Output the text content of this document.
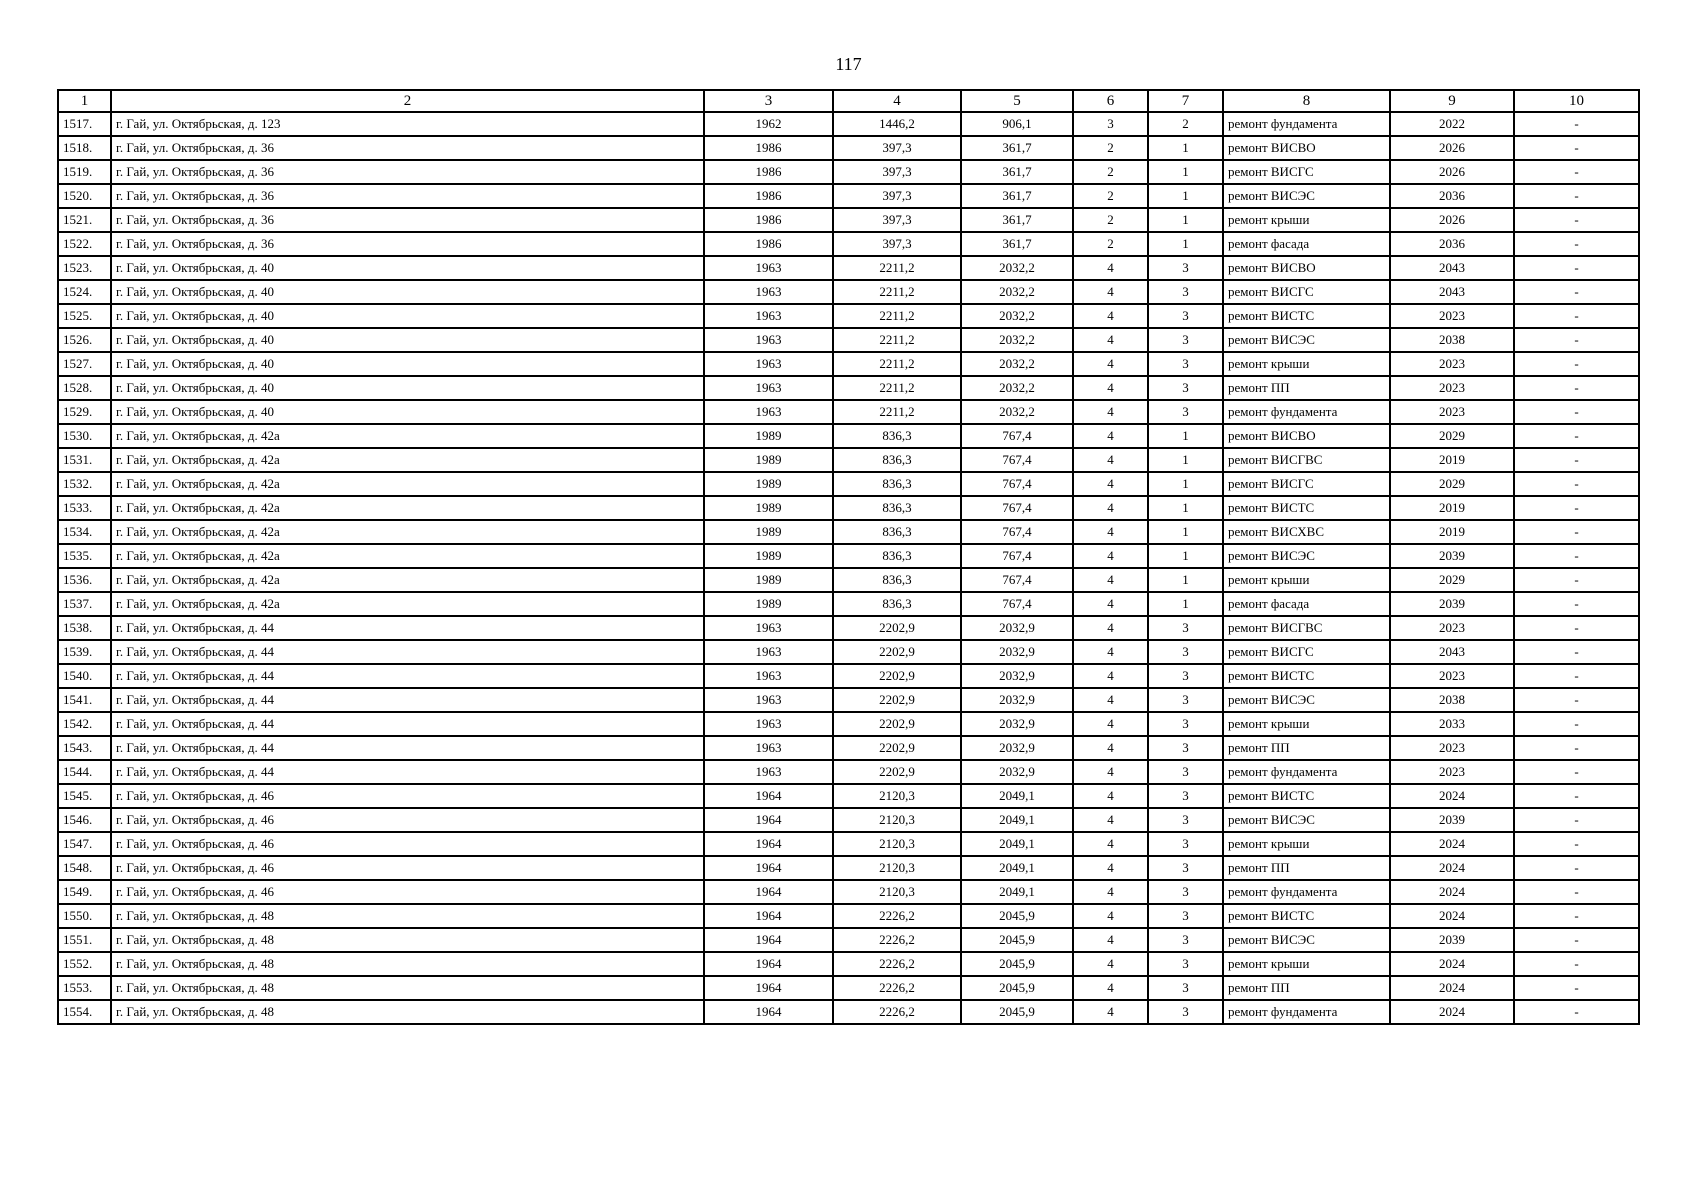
117
1	2	3	4	5	6	7	8	9	10
1517.	г. Гай, ул. Октябрьская, д. 123	1962	1446,2	906,1	3	2	ремонт фундамента	2022	-
1518.	г. Гай, ул. Октябрьская, д. 36	1986	397,3	361,7	2	1	ремонт ВИСВО	2026	-
1519.	г. Гай, ул. Октябрьская, д. 36	1986	397,3	361,7	2	1	ремонт ВИСГС	2026	-
1520.	г. Гай, ул. Октябрьская, д. 36	1986	397,3	361,7	2	1	ремонт ВИСЭС	2036	-
1521.	г. Гай, ул. Октябрьская, д. 36	1986	397,3	361,7	2	1	ремонт крыши	2026	-
1522.	г. Гай, ул. Октябрьская, д. 36	1986	397,3	361,7	2	1	ремонт фасада	2036	-
1523.	г. Гай, ул. Октябрьская, д. 40	1963	2211,2	2032,2	4	3	ремонт ВИСВО	2043	-
1524.	г. Гай, ул. Октябрьская, д. 40	1963	2211,2	2032,2	4	3	ремонт ВИСГС	2043	-
1525.	г. Гай, ул. Октябрьская, д. 40	1963	2211,2	2032,2	4	3	ремонт ВИСТС	2023	-
1526.	г. Гай, ул. Октябрьская, д. 40	1963	2211,2	2032,2	4	3	ремонт ВИСЭС	2038	-
1527.	г. Гай, ул. Октябрьская, д. 40	1963	2211,2	2032,2	4	3	ремонт крыши	2023	-
1528.	г. Гай, ул. Октябрьская, д. 40	1963	2211,2	2032,2	4	3	ремонт ПП	2023	-
1529.	г. Гай, ул. Октябрьская, д. 40	1963	2211,2	2032,2	4	3	ремонт фундамента	2023	-
1530.	г. Гай, ул. Октябрьская, д. 42а	1989	836,3	767,4	4	1	ремонт ВИСВО	2029	-
1531.	г. Гай, ул. Октябрьская, д. 42а	1989	836,3	767,4	4	1	ремонт ВИСГВС	2019	-
1532.	г. Гай, ул. Октябрьская, д. 42а	1989	836,3	767,4	4	1	ремонт ВИСГС	2029	-
1533.	г. Гай, ул. Октябрьская, д. 42а	1989	836,3	767,4	4	1	ремонт ВИСТС	2019	-
1534.	г. Гай, ул. Октябрьская, д. 42а	1989	836,3	767,4	4	1	ремонт ВИСХВС	2019	-
1535.	г. Гай, ул. Октябрьская, д. 42а	1989	836,3	767,4	4	1	ремонт ВИСЭС	2039	-
1536.	г. Гай, ул. Октябрьская, д. 42а	1989	836,3	767,4	4	1	ремонт крыши	2029	-
1537.	г. Гай, ул. Октябрьская, д. 42а	1989	836,3	767,4	4	1	ремонт фасада	2039	-
1538.	г. Гай, ул. Октябрьская, д. 44	1963	2202,9	2032,9	4	3	ремонт ВИСГВС	2023	-
1539.	г. Гай, ул. Октябрьская, д. 44	1963	2202,9	2032,9	4	3	ремонт ВИСГС	2043	-
1540.	г. Гай, ул. Октябрьская, д. 44	1963	2202,9	2032,9	4	3	ремонт ВИСТС	2023	-
1541.	г. Гай, ул. Октябрьская, д. 44	1963	2202,9	2032,9	4	3	ремонт ВИСЭС	2038	-
1542.	г. Гай, ул. Октябрьская, д. 44	1963	2202,9	2032,9	4	3	ремонт крыши	2033	-
1543.	г. Гай, ул. Октябрьская, д. 44	1963	2202,9	2032,9	4	3	ремонт ПП	2023	-
1544.	г. Гай, ул. Октябрьская, д. 44	1963	2202,9	2032,9	4	3	ремонт фундамента	2023	-
1545.	г. Гай, ул. Октябрьская, д. 46	1964	2120,3	2049,1	4	3	ремонт ВИСТС	2024	-
1546.	г. Гай, ул. Октябрьская, д. 46	1964	2120,3	2049,1	4	3	ремонт ВИСЭС	2039	-
1547.	г. Гай, ул. Октябрьская, д. 46	1964	2120,3	2049,1	4	3	ремонт крыши	2024	-
1548.	г. Гай, ул. Октябрьская, д. 46	1964	2120,3	2049,1	4	3	ремонт ПП	2024	-
1549.	г. Гай, ул. Октябрьская, д. 46	1964	2120,3	2049,1	4	3	ремонт фундамента	2024	-
1550.	г. Гай, ул. Октябрьская, д. 48	1964	2226,2	2045,9	4	3	ремонт ВИСТС	2024	-
1551.	г. Гай, ул. Октябрьская, д. 48	1964	2226,2	2045,9	4	3	ремонт ВИСЭС	2039	-
1552.	г. Гай, ул. Октябрьская, д. 48	1964	2226,2	2045,9	4	3	ремонт крыши	2024	-
1553.	г. Гай, ул. Октябрьская, д. 48	1964	2226,2	2045,9	4	3	ремонт ПП	2024	-
1554.	г. Гай, ул. Октябрьская, д. 48	1964	2226,2	2045,9	4	3	ремонт фундамента	2024	-
